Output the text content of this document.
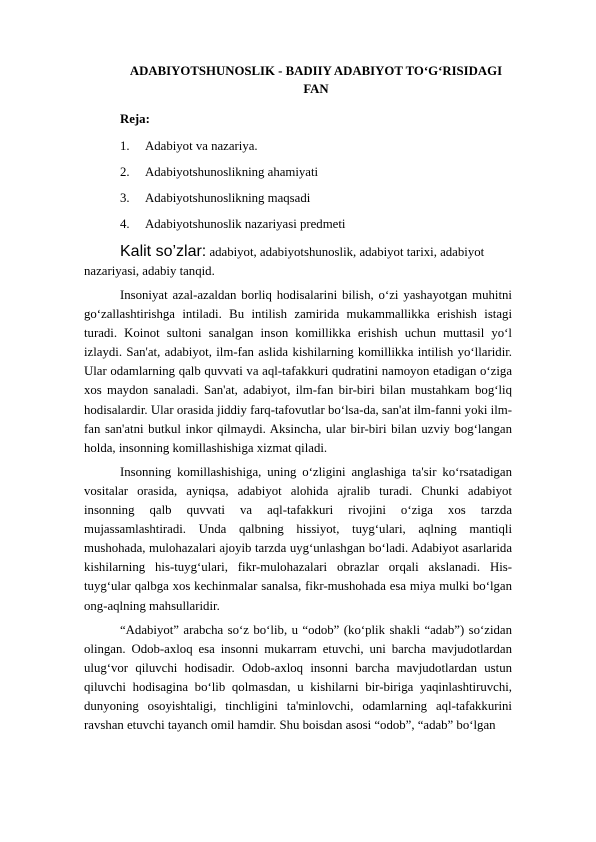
ADABIYOTSHUNOSLIK - BADIIY ADABIYOT TO‘G‘RISIDAGI FAN
Reja:
1.	Adabiyot va nazariya.
2.	Adabiyotshunoslikning ahamiyati
3.	Adabiyotshunoslikning maqsadi
4.	Adabiyotshunoslik nazariyasi predmeti
Kalit so’zlar: adabiyot, adabiyotshunoslik, adabiyot tarixi, adabiyot nazariyasi, adabiy tanqid.

Insoniyat azal-azaldan borliq hodisalarini bilish, o‘zi yashayotgan muhitni go‘zallashtirishga intiladi. Bu intilish zamirida mukammallikka erishish istagi turadi. Koinot sultoni sanalgan inson komillikka erishish uchun muttasil yo‘l izlaydi. San'at, adabiyot, ilm-fan aslida kishilarning komillikka intilish yo‘llaridir. Ular odamlarning qalb quvvati va aql-tafakkuri qudratini namoyon etadigan o‘ziga xos maydon sanaladi. San'at, adabiyot, ilm-fan bir-biri bilan mustahkam bog‘liq hodisalardir. Ular orasida jiddiy farq-tafovutlar bo‘lsa-da, san'at ilm-fanni yoki ilm-fan san'atni butkul inkor qilmaydi. Aksincha, ular bir-biri bilan uzviy bog‘langan holda, insonning komillashishiga xizmat qiladi.

Insonning komillashishiga, uning o‘zligini anglashiga ta'sir ko‘rsatadigan vositalar orasida, ayniqsa, adabiyot alohida ajralib turadi. Chunki adabiyot insonning qalb quvvati va aql-tafakkuri rivojini o‘ziga xos tarzda mujassamlashtiradi. Unda qalbning hissiyot, tuyg‘ulari, aqlning mantiqli mushohada, mulohazalari ajoyib tarzda uyg‘unlashgan bo‘ladi. Adabiyot asarlarida kishilarning his-tuyg‘ulari, fikr-mulohazalari obrazlar orqali akslanadi. His-tuyg‘ular qalbga xos kechinmalar sanalsa, fikr-mushohada esa miya mulki bo‘lgan ong-aqlning mahsullaridir.

“Adabiyot” arabcha so‘z bo‘lib, u “odob” (ko‘plik shakli “adab”) so‘zidan olingan. Odob-axloq esa insonni mukarram etuvchi, uni barcha mavjudotlardan ulug‘vor qiluvchi hodisadir. Odob-axloq insonni barcha mavjudotlardan ustun qiluvchi hodisagina bo‘lib qolmasdan, u kishilarni bir-biriga yaqinlashtiruvchi, dunyoning osoyishtaligi, tinchligini ta'minlovchi, odamlarning aql-tafakkurini ravshan etuvchi tayanch omil hamdir. Shu boisdan asosi “odob”, “adab” bo‘lgan
